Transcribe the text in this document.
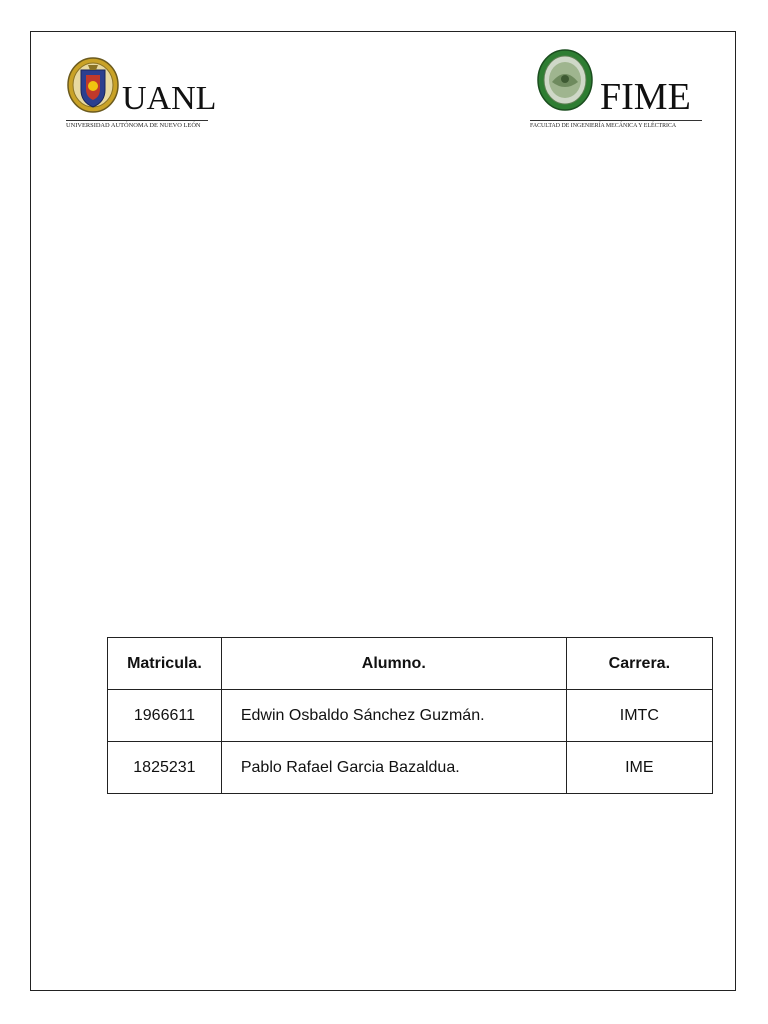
UANL
UNIVERSIDAD AUTÓNOMA DE NUEVO LEÓN
FIME
FACULTAD DE INGENIERÍA MECÁNICA Y ELÉCTRICA
Matricula.	Alumno.	Carrera.
1966611	Edwin Osbaldo Sánchez Guzmán.	IMTC
1825231	Pablo Rafael Garcia Bazaldua.	IME
